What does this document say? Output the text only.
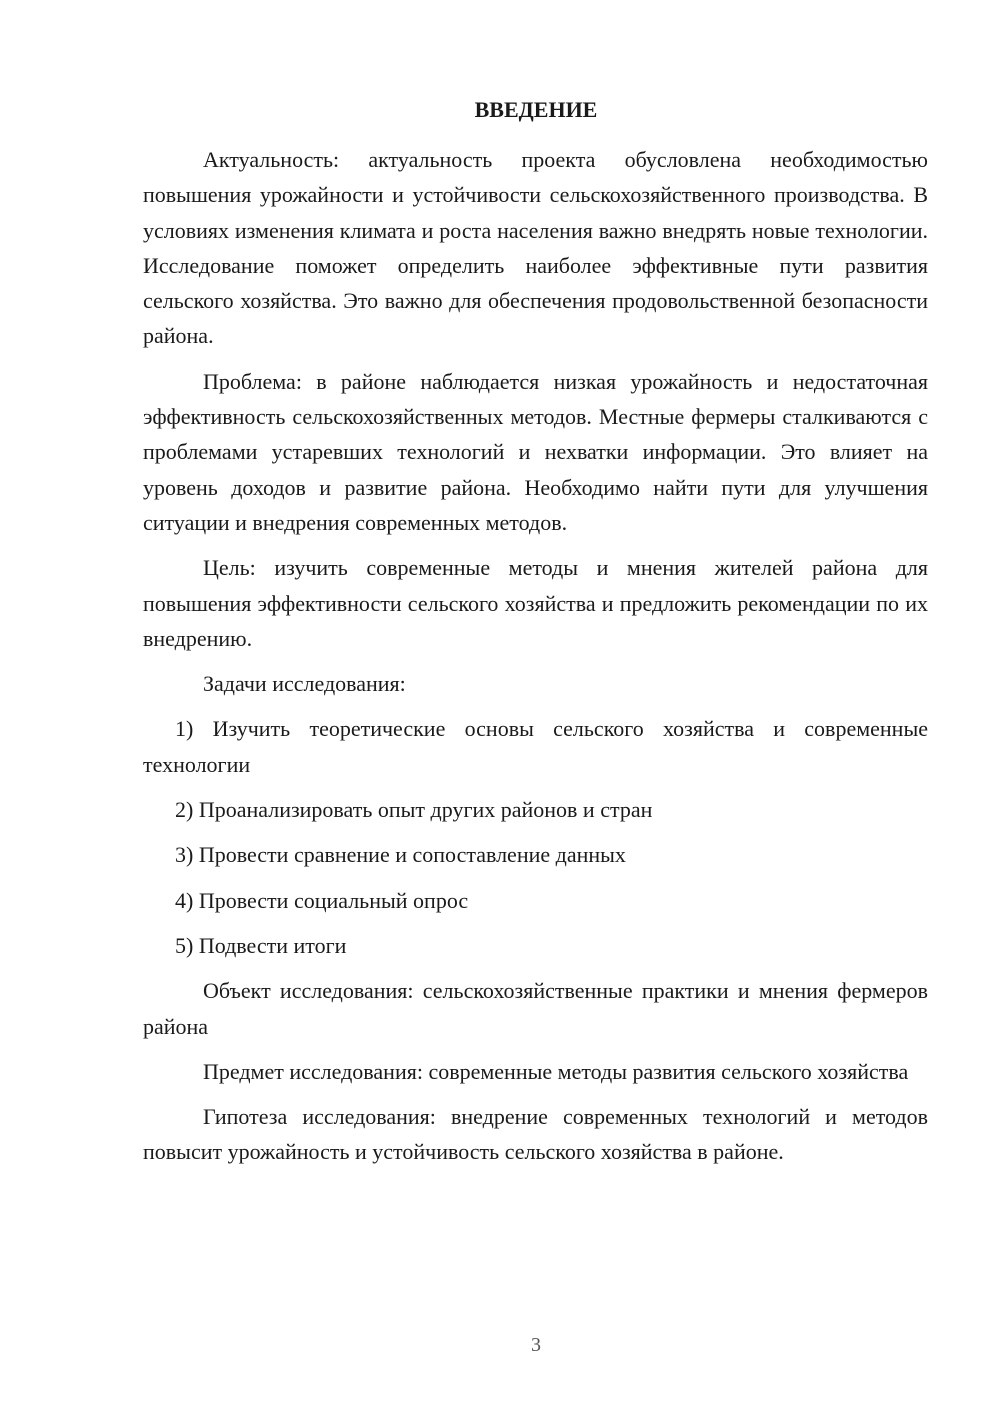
ВВЕДЕНИЕ

Актуальность: актуальность проекта обусловлена необходимостью повышения урожайности и устойчивости сельскохозяйственного производства. В условиях изменения климата и роста населения важно внедрять новые технологии. Исследование поможет определить наиболее эффективные пути развития сельского хозяйства. Это важно для обеспечения продовольственной безопасности района.

Проблема: в районе наблюдается низкая урожайность и недостаточная эффективность сельскохозяйственных методов. Местные фермеры сталкиваются с проблемами устаревших технологий и нехватки информации. Это влияет на уровень доходов и развитие района. Необходимо найти пути для улучшения ситуации и внедрения современных методов.

Цель: изучить современные методы и мнения жителей района для повышения эффективности сельского хозяйства и предложить рекомендации по их внедрению.

Задачи исследования:

1) Изучить теоретические основы сельского хозяйства и современные технологии

2) Проанализировать опыт других районов и стран

3) Провести сравнение и сопоставление данных

4) Провести социальный опрос

5) Подвести итоги

Объект исследования: сельскохозяйственные практики и мнения фермеров района

Предмет исследования: современные методы развития сельского хозяйства

Гипотеза исследования: внедрение современных технологий и методов повысит урожайность и устойчивость сельского хозяйства в районе.

3
